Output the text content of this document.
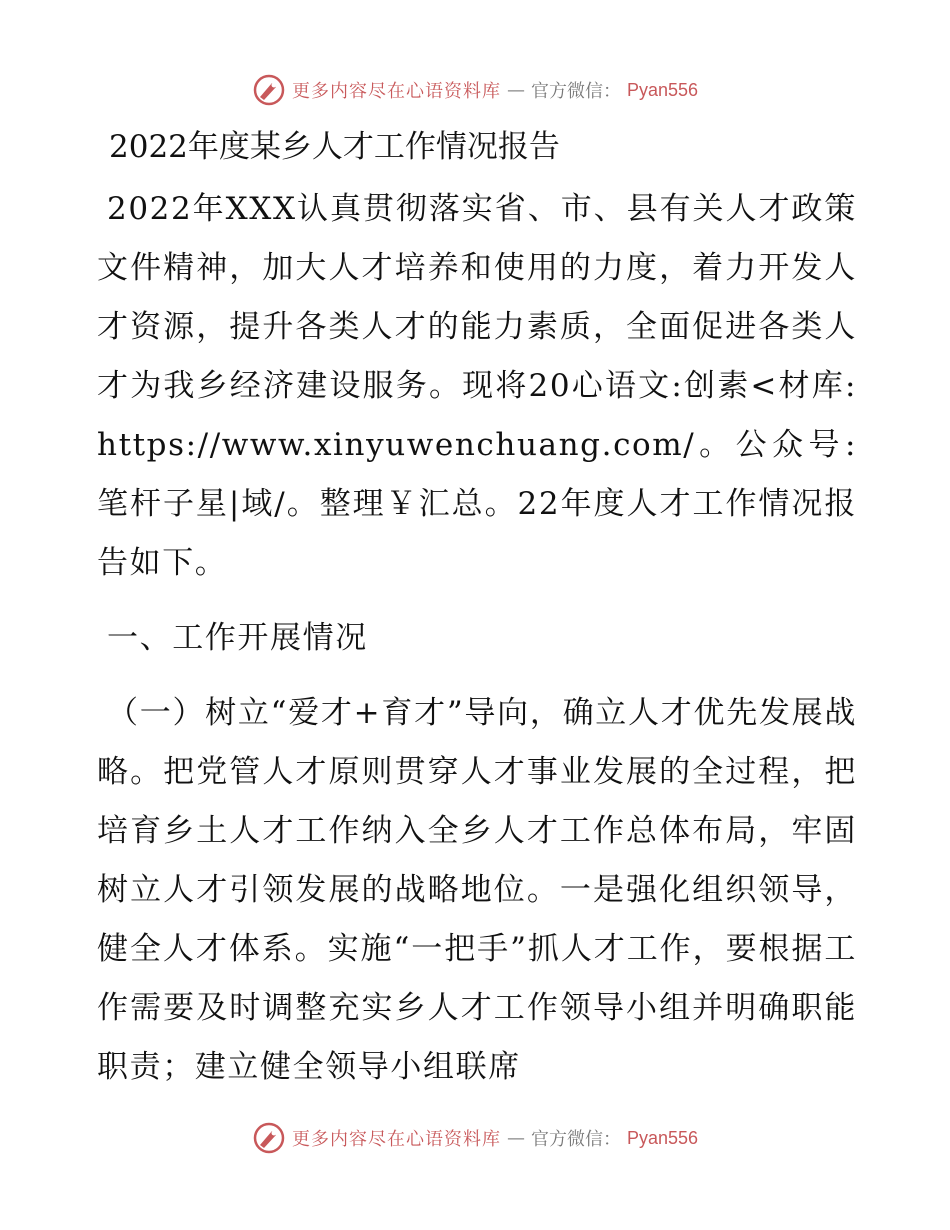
更多内容尽在心语资料库 — 官方微信： Pyan556

2022年度某乡人才工作情况报告

2022年XXX认真贯彻落实省、市、县有关人才政策文件精神，加大人才培养和使用的力度，着力开发人才资源，提升各类人才的能力素质，全面促进各类人才为我乡经济建设服务。现将20心语文:创素<材库: https://www.xinyuwenchuang.com/。公众号: 笔杆子星|域/。整理￥汇总。22年度人才工作情况报告如下。

一、工作开展情况

（一）树立“爱才+育才”导向，确立人才优先发展战略。把党管人才原则贯穿人才事业发展的全过程，把培育乡土人才工作纳入全乡人才工作总体布局，牢固树立人才引领发展的战略地位。一是强化组织领导，健全人才体系。实施“一把手”抓人才工作，要根据工作需要及时调整充实乡人才工作领导小组并明确职能职责；建立健全领导小组联席

更多内容尽在心语资料库 — 官方微信： Pyan556
